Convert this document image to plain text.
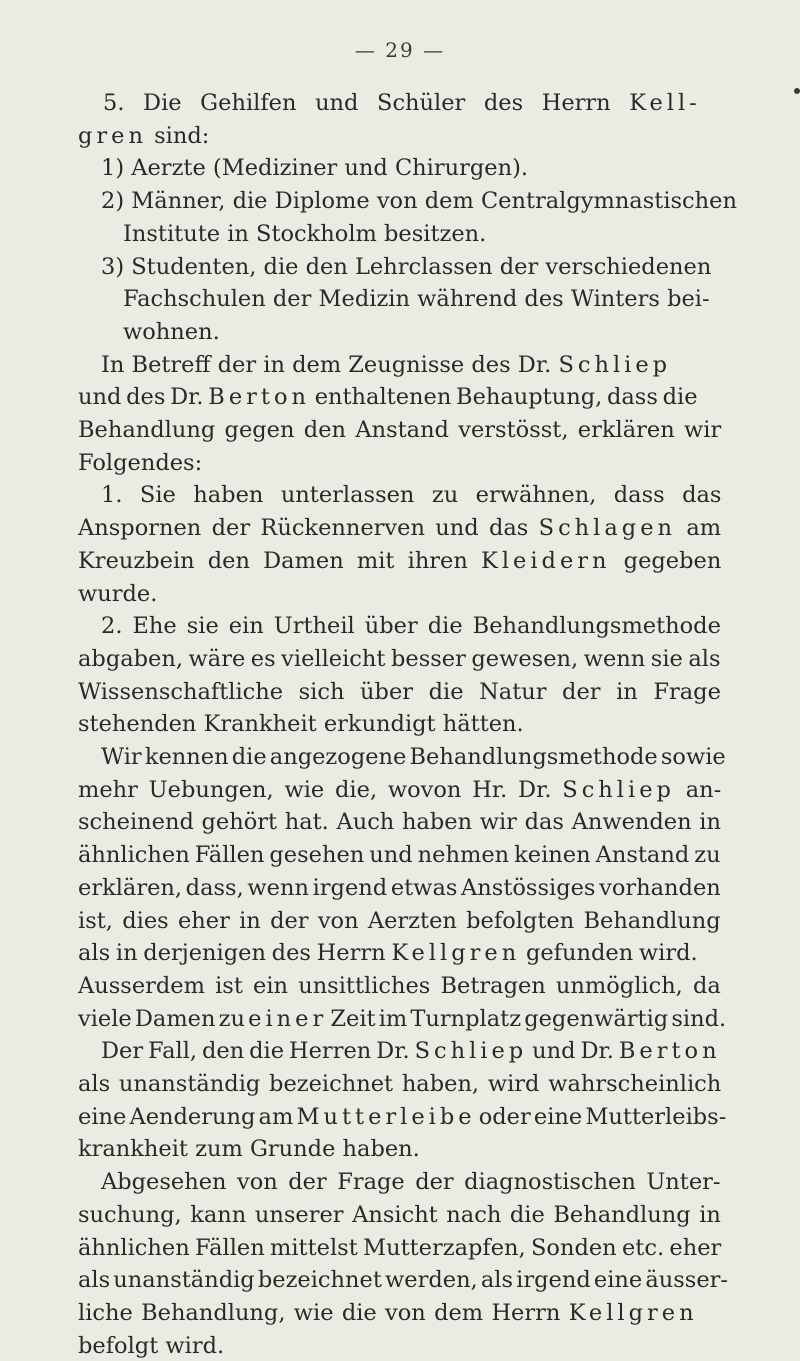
— 29 —
5. Die Gehilfen und Schüler des Herrn Kell-
gren sind:
1) Aerzte (Mediziner und Chirurgen).
2) Männer, die Diplome von dem Centralgymnastischen
Institute in Stockholm besitzen.
3) Studenten, die den Lehrclassen der verschiedenen
Fachschulen der Medizin während des Winters bei-
wohnen.
In Betreff der in dem Zeugnisse des Dr. Schliep
und des Dr. Berton enthaltenen Behauptung, dass die
Behandlung gegen den Anstand verstösst, erklären wir
Folgendes:
1. Sie haben unterlassen zu erwähnen, dass das
Anspornen der Rückennerven und das Schlagen am
Kreuzbein den Damen mit ihren Kleidern gegeben
wurde.
2. Ehe sie ein Urtheil über die Behandlungsmethode
abgaben, wäre es vielleicht besser gewesen, wenn sie als
Wissenschaftliche sich über die Natur der in Frage
stehenden Krankheit erkundigt hätten.
Wir kennen die angezogene Behandlungsmethode sowie
mehr Uebungen, wie die, wovon Hr. Dr. Schliep an-
scheinend gehört hat. Auch haben wir das Anwenden in
ähnlichen Fällen gesehen und nehmen keinen Anstand zu
erklären, dass, wenn irgend etwas Anstössiges vorhanden
ist, dies eher in der von Aerzten befolgten Behandlung
als in derjenigen des Herrn Kellgren gefunden wird.
Ausserdem ist ein unsittliches Betragen unmöglich, da
viele Damen zu einer Zeit im Turnplatz gegenwärtig sind.
Der Fall, den die Herren Dr. Schliep und Dr. Berton
als unanständig bezeichnet haben, wird wahrscheinlich
eine Aenderung am Mutterleibe oder eine Mutterleibs-
krankheit zum Grunde haben.
Abgesehen von der Frage der diagnostischen Unter-
suchung, kann unserer Ansicht nach die Behandlung in
ähnlichen Fällen mittelst Mutterzapfen, Sonden etc. eher
als unanständig bezeichnet werden, als irgend eine äusser-
liche Behandlung, wie die von dem Herrn Kellgren
befolgt wird.
